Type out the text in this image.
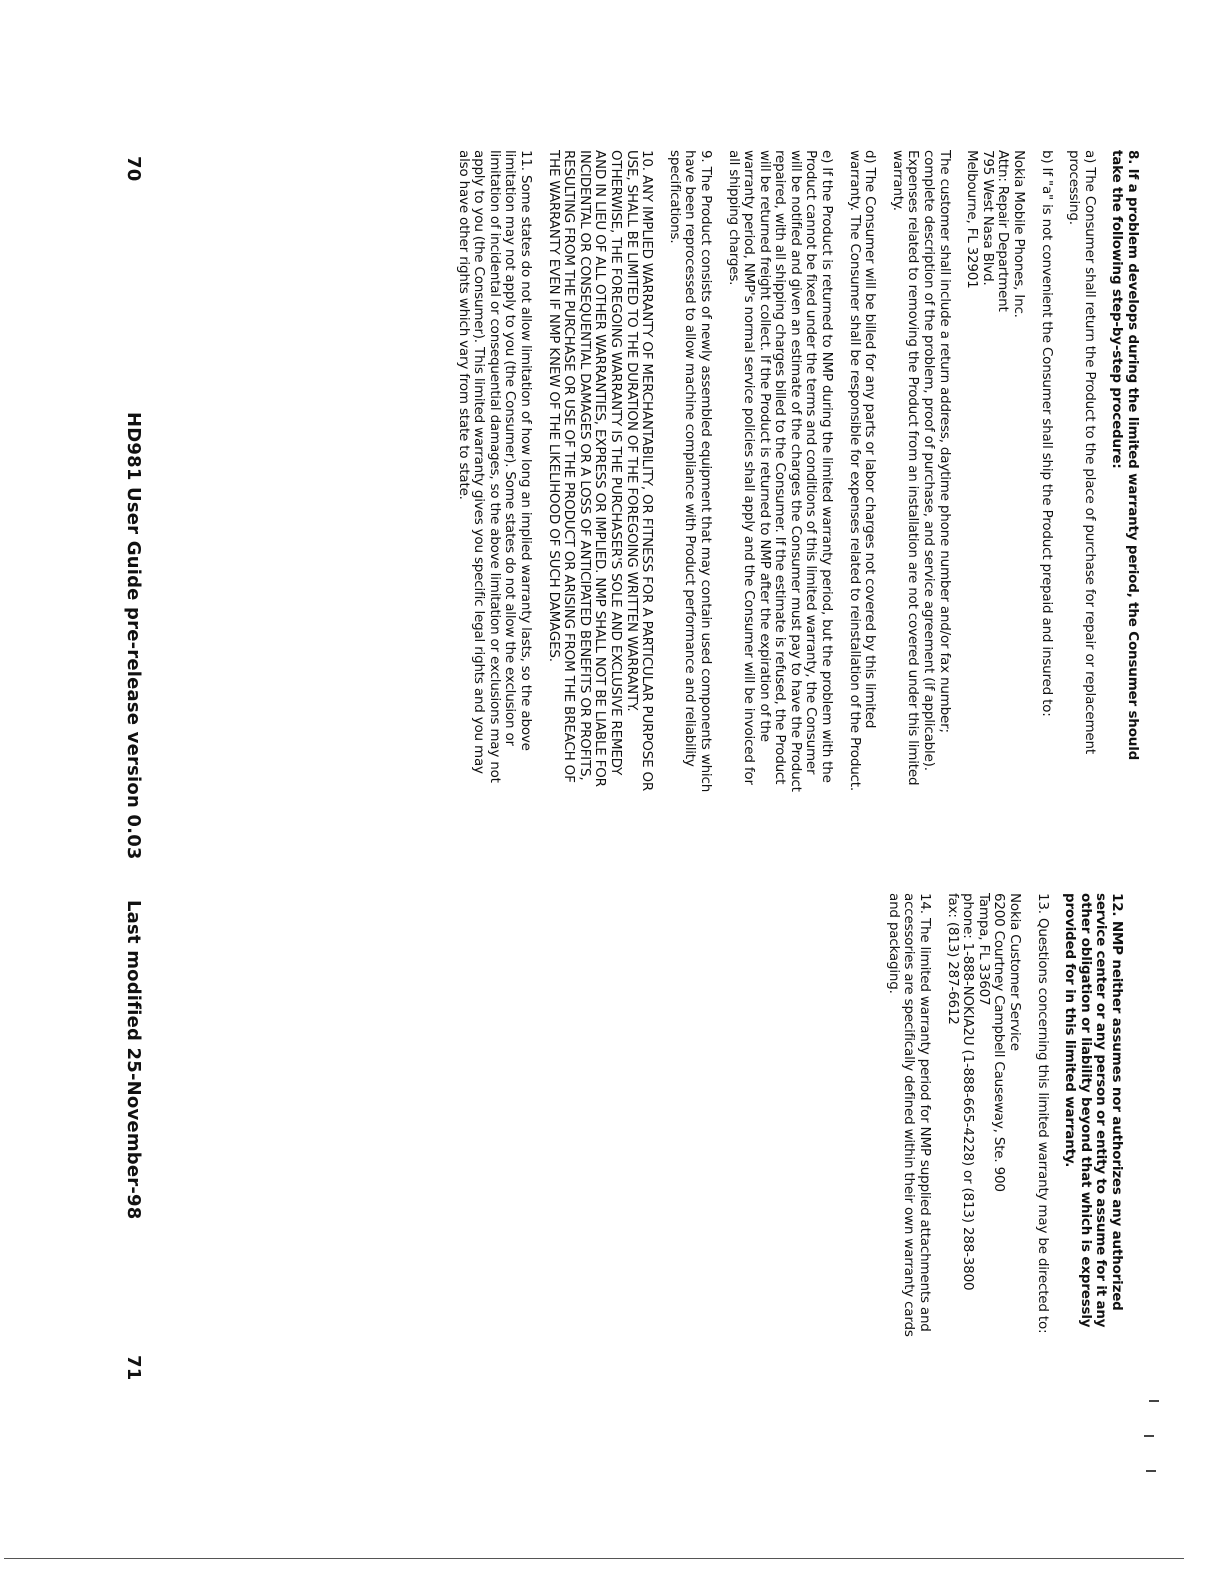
8. If a problem develops during the limited warranty period, the Consumer should take the following step-by-step procedure:

a) The Consumer shall return the Product to the place of purchase for repair or replacement processing.

b) If "a" is not convenient the Consumer shall ship the Product prepaid and insured to:

Nokia Mobile Phones, Inc.
Attn: Repair Department
795 West Nasa Blvd.
Melbourne, FL 32901

The customer shall include a return address, daytime phone number and/or fax number; complete description of the problem, proof of purchase, and service agreement (if applicable). Expenses related to removing the Product from an installation are not covered under this limited warranty.

d) The Consumer will be billed for any parts or labor charges not covered by this limited warranty. The Consumer shall be responsible for expenses related to reinstallation of the Product.

e) If the Product is returned to NMP during the limited warranty period, but the problem with the Product cannot be fixed under the terms and conditions of this limited warranty, the Consumer will be notified and given an estimate of the charges the Consumer must pay to have the Product repaired, with all shipping charges billed to the Consumer. If the estimate is refused, the Product will be returned freight collect. If the Product is returned to NMP after the expiration of the warranty period, NMP's normal service policies shall apply and the Consumer will be invoiced for all shipping charges.

9. The Product consists of newly assembled equipment that may contain used components which have been reprocessed to allow machine compliance with Product performance and reliability specifications.

10. ANY IMPLIED WARRANTY OF MERCHANTABILITY, OR FITNESS FOR A PARTICULAR PURPOSE OR USE, SHALL BE LIMITED TO THE DURATION OF THE FOREGOING WRITTEN WARRANTY. OTHERWISE, THE FOREGOING WARRANTY IS THE PURCHASER'S SOLE AND EXCLUSIVE REMEDY AND IN LIEU OF ALL OTHER WARRANTIES, EXPRESS OR IMPLIED. NMP SHALL NOT BE LIABLE FOR INCIDENTAL OR CONSEQUENTIAL DAMAGES OR A LOSS OF ANTICIPATED BENEFITS OR PROFITS, RESULTING FROM THE PURCHASE OR USE OF THE PRODUCT OR ARISING FROM THE BREACH OF THE WARRANTY EVEN IF NMP KNEW OF THE LIKELIHOOD OF SUCH DAMAGES.

11. Some states do not allow limitation of how long an implied warranty lasts, so the above limitation may not apply to you (the Consumer). Some states do not allow the exclusion or limitation of incidental or consequential damages, so the above limitation or exclusions may not apply to you (the Consumer). This limited warranty gives you specific legal rights and you may also have other rights which vary from state to state.

12. NMP neither assumes nor authorizes any authorized service center or any person or entity to assume for it any other obligation or liability beyond that which is expressly provided for in this limited warranty.

13. Questions concerning this limited warranty may be directed to:

Nokia Customer Service
6200 Courtney Campbell Causeway, Ste. 900
Tampa, FL 33607
phone: 1-888-NOKIA2U (1-888-665-4228) or (813) 288-3800
fax: (813) 287-6612

14. The limited warranty period for NMP supplied attachments and accessories are specifically defined within their own warranty cards and packaging.

70
HD981 User Guide pre-release version 0.03
Last modified 25-November-98
71
